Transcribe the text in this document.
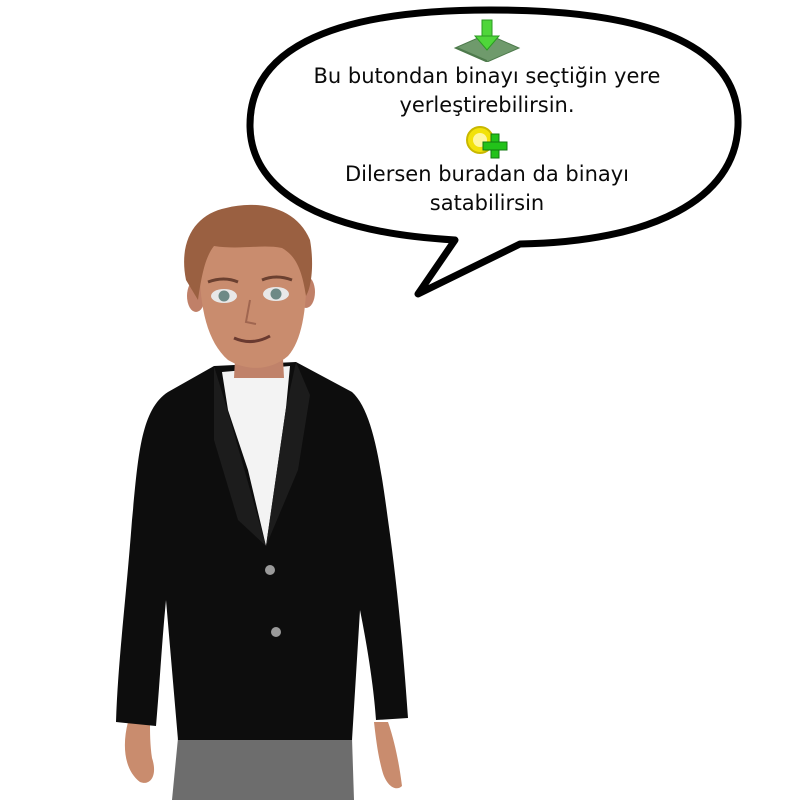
Bu butondan binayı seçtiğin yere
yerleştirebilirsin.
Dilersen buradan da binayı
satabilirsin
